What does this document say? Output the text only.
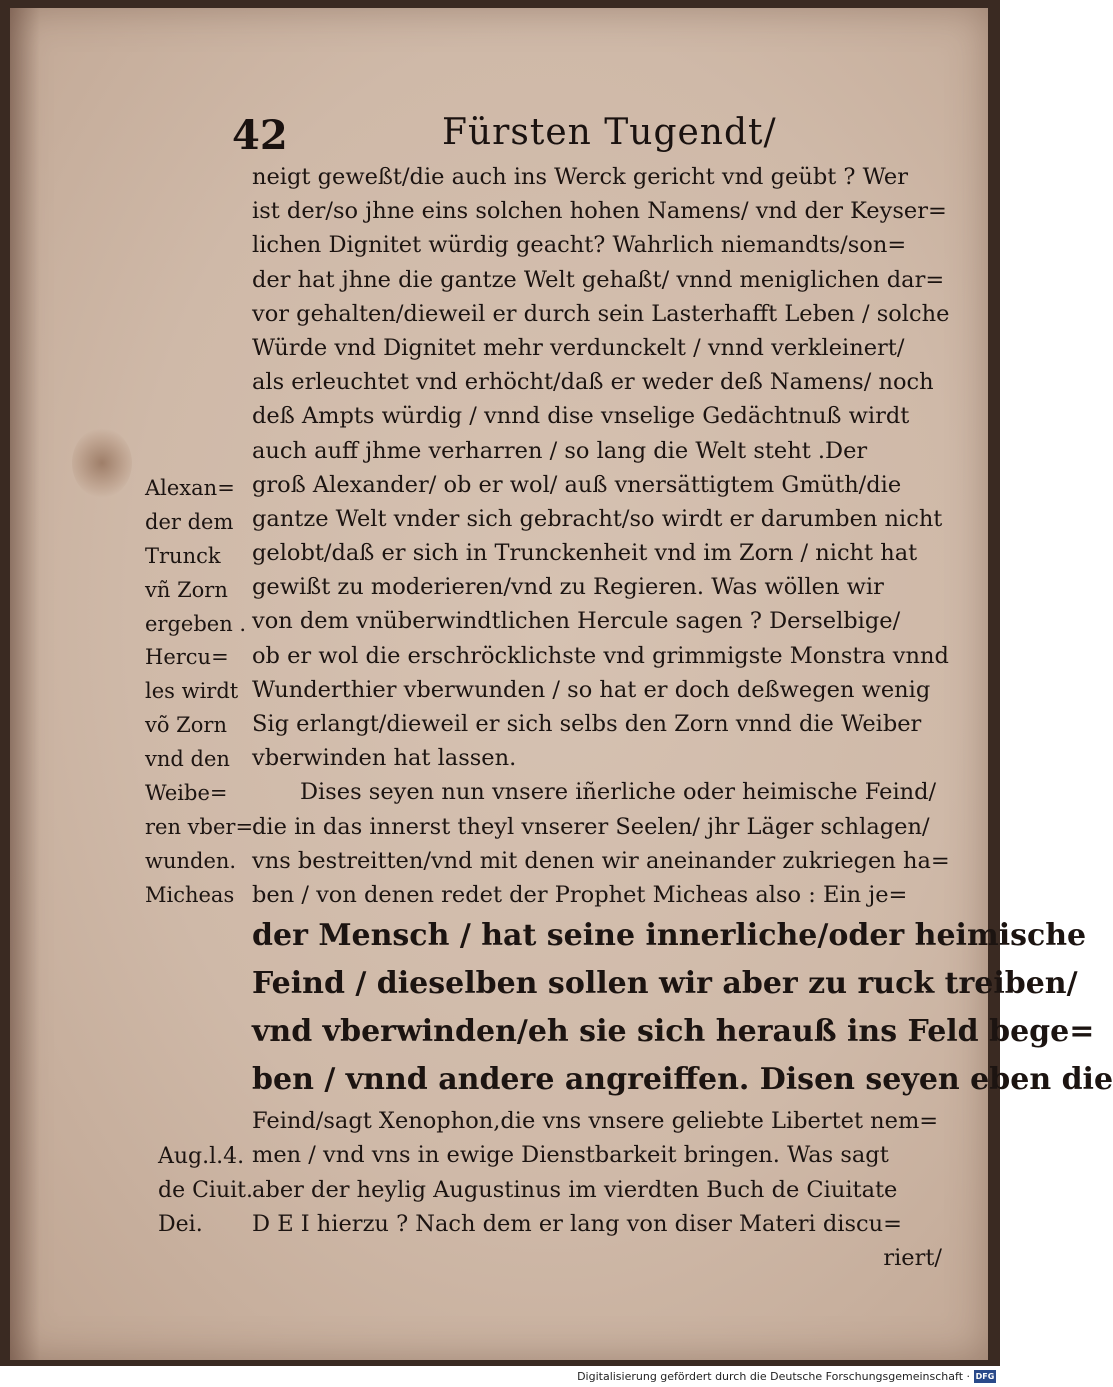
42	Fürsten Tugendt/
neigt geweßt/die auch ins Werck gericht vnd geübt ? Wer
ist der/so jhne eins solchen hohen Namens/ vnd der Keyser=
lichen Dignitet würdig geacht? Wahrlich niemandts/son=
der hat jhne die gantze Welt gehaßt/ vnnd meniglichen dar=
vor gehalten/dieweil er durch sein Lasterhafft Leben / solche
Würde vnd Dignitet mehr verdunckelt / vnnd verkleinert/
als erleuchtet vnd erhöcht/daß er weder deß Namens/ noch
deß Ampts würdig / vnnd dise vnselige Gedächtnuß wirdt
auch auff jhme verharren / so lang die Welt steht .Der
groß Alexander/ ob er wol/ auß vnersättigtem Gmüth/die
gantze Welt vnder sich gebracht/so wirdt er darumben nicht
gelobt/daß er sich in Trunckenheit vnd im Zorn / nicht hat
gewißt zu moderieren/vnd zu Regieren. Was wöllen wir
von dem vnüberwindtlichen Hercule sagen ? Derselbige/
ob er wol die erschröcklichste vnd grimmigste Monstra vnnd
Wunderthier vberwunden / so hat er doch deßwegen wenig
Sig erlangt/dieweil er sich selbs den Zorn vnnd die Weiber
vberwinden hat lassen.
Dises seyen nun vnsere iñerliche oder heimische Feind/
die in das innerst theyl vnserer Seelen/ jhr Läger schlagen/
vns bestreitten/vnd mit denen wir aneinander zukriegen ha=
ben / von denen redet der Prophet Micheas also : Ein je=
der Mensch / hat seine innerliche/oder heimische
Feind / dieselben sollen wir aber zu ruck treiben/
vnd vberwinden/eh sie sich herauß ins Feld bege=
ben / vnnd andere angreiffen. Disen seyen eben die
Feind/sagt Xenophon,die vns vnsere geliebte Libertet nem=
men / vnd vns in ewige Dienstbarkeit bringen. Was sagt
aber der heylig Augustinus im vierdten Buch de Ciuitate
D E I hierzu ? Nach dem er lang von diser Materi discu=
riert/
Alexan=
der dem
Trunck
vñ Zorn
ergeben .
Hercu=
les wirdt
võ Zorn
vnd den
Weibe=
ren vber=
wunden.
Micheas
Aug.l.4.
de Ciuit.
Dei.
Digitalisierung gefördert durch die Deutsche Forschungsgemeinschaft · DFG
